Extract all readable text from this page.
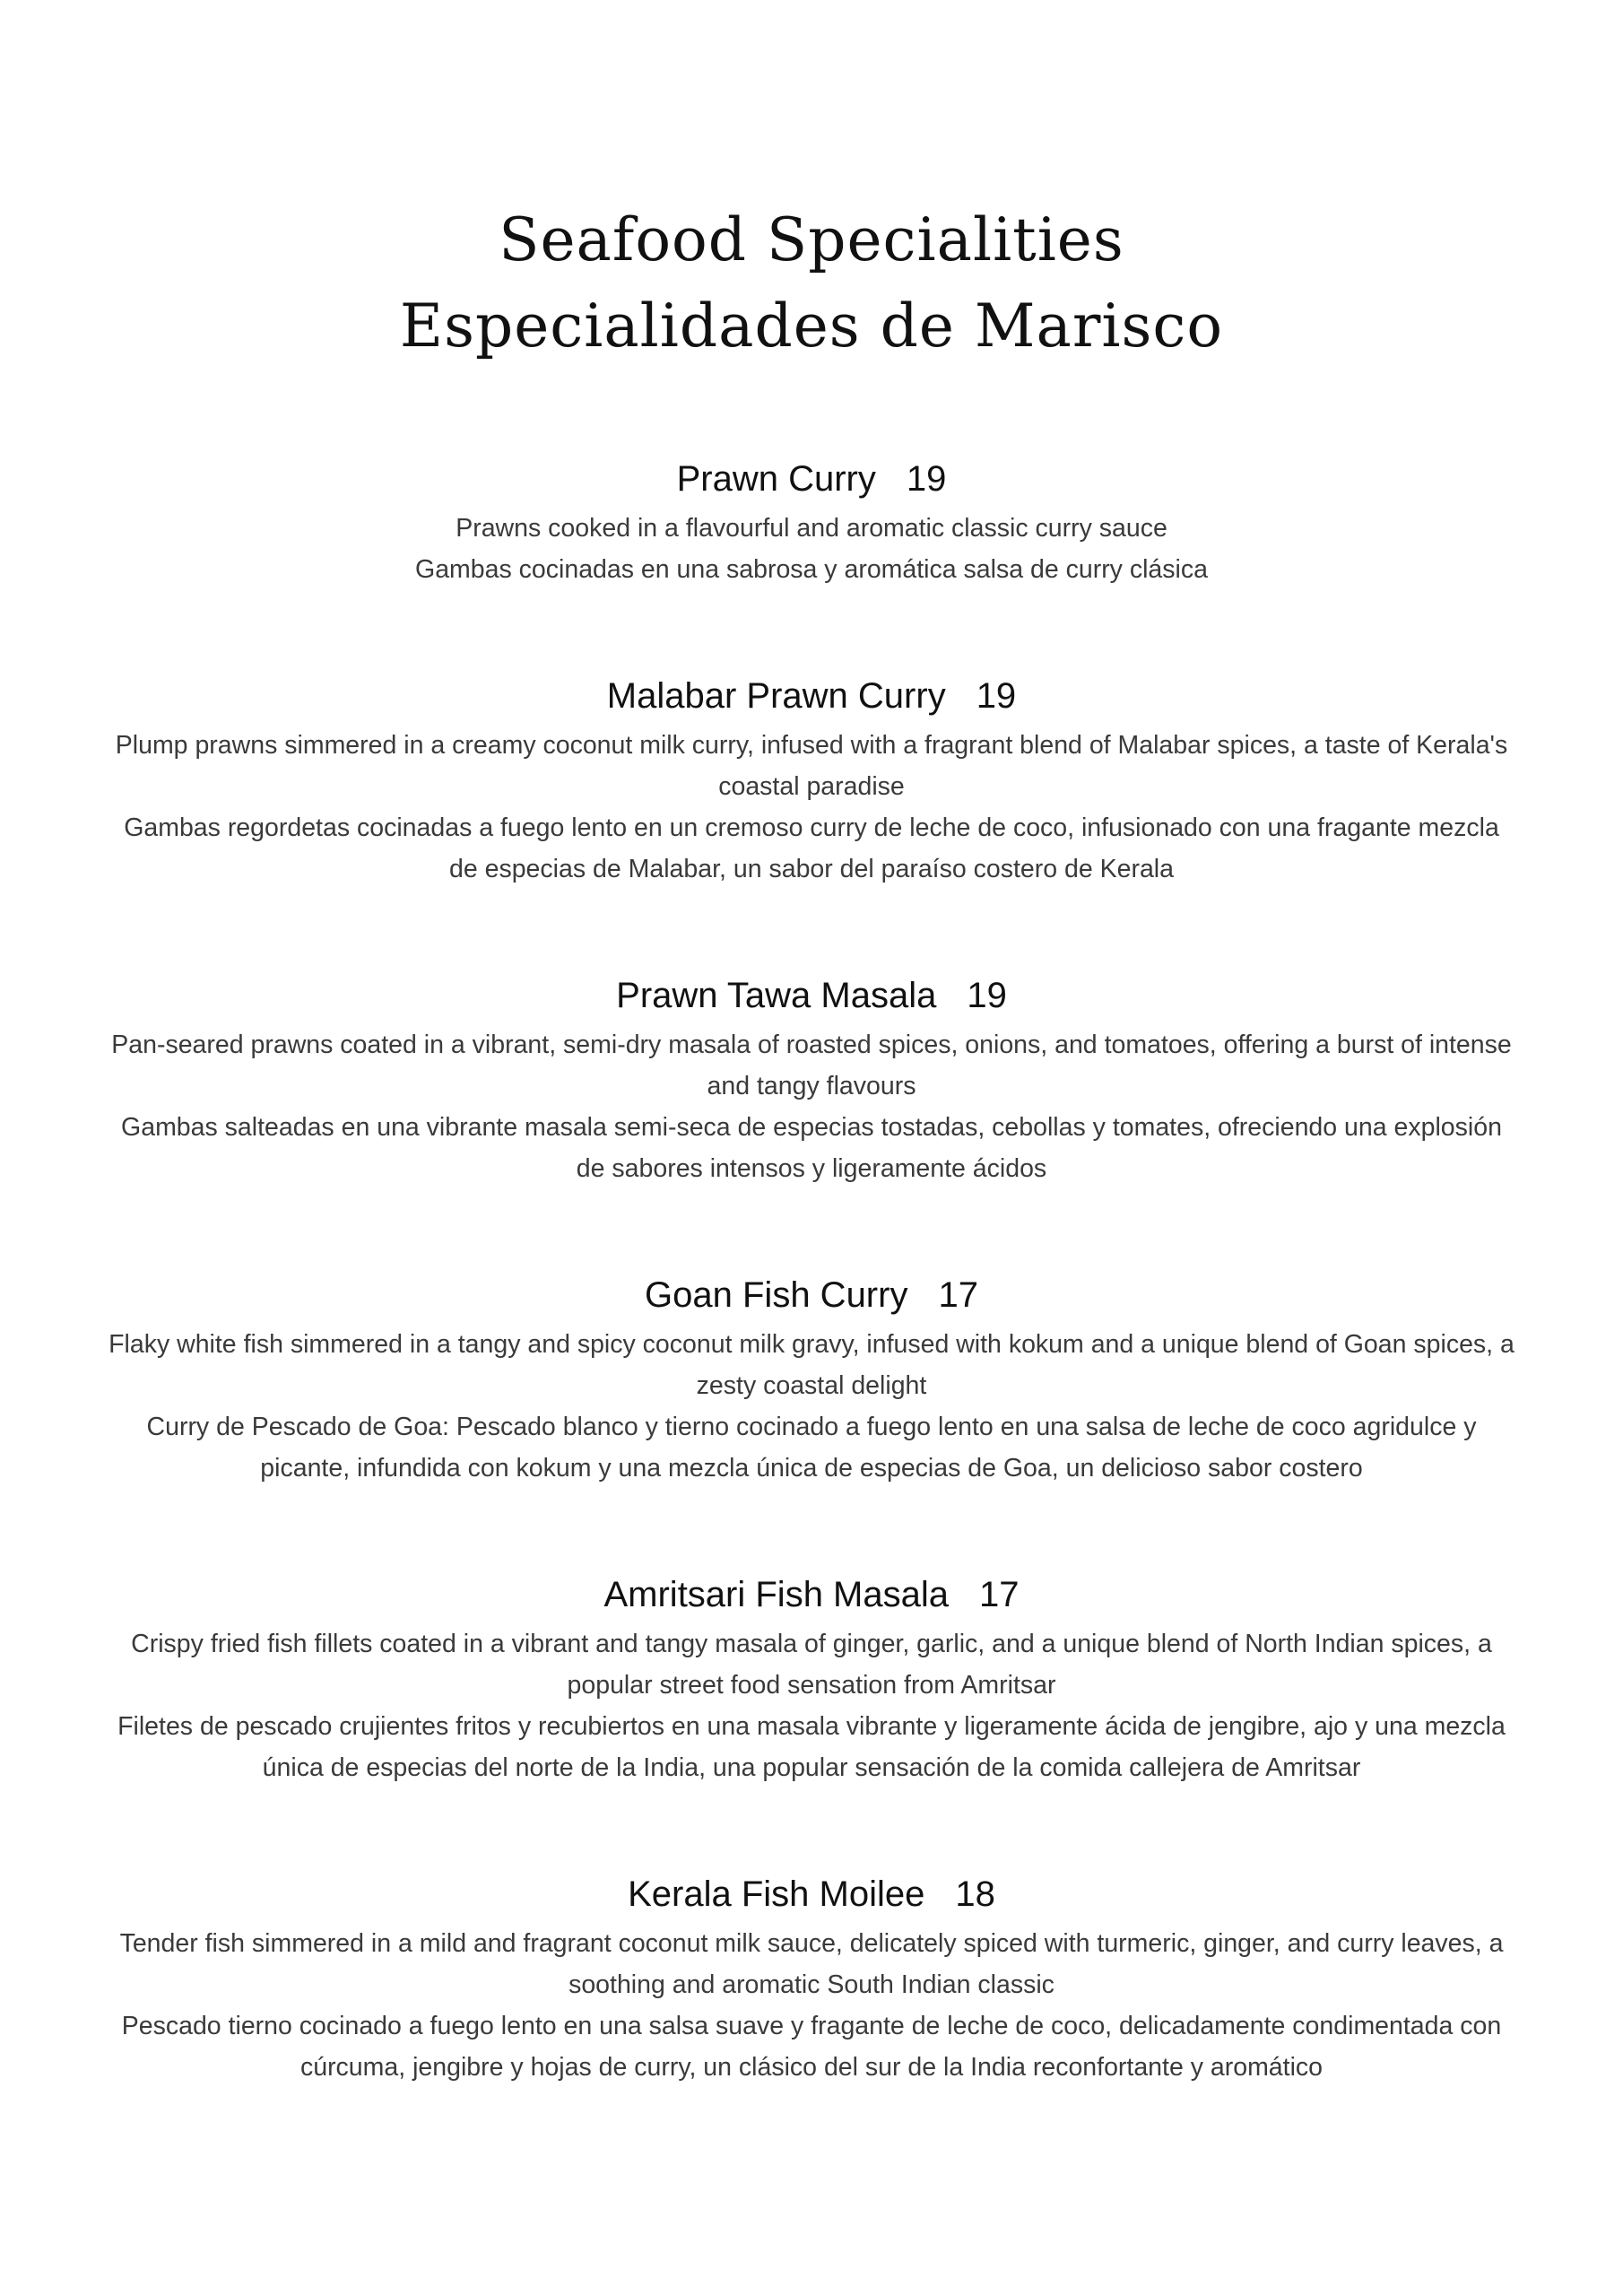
Seafood Specialities
Especialidades de Marisco
Prawn Curry 19

Prawns cooked in a flavourful and aromatic classic curry sauce

Gambas cocinadas en una sabrosa y aromática salsa de curry clásica

Malabar Prawn Curry 19

Plump prawns simmered in a creamy coconut milk curry, infused with a fragrant blend of Malabar spices, a taste of Kerala's coastal paradise

Gambas regordetas cocinadas a fuego lento en un cremoso curry de leche de coco, infusionado con una fragante mezcla de especias de Malabar, un sabor del paraíso costero de Kerala

Prawn Tawa Masala 19

Pan-seared prawns coated in a vibrant, semi-dry masala of roasted spices, onions, and tomatoes, offering a burst of intense and tangy flavours

Gambas salteadas en una vibrante masala semi-seca de especias tostadas, cebollas y tomates, ofreciendo una explosión de sabores intensos y ligeramente ácidos

Goan Fish Curry 17

Flaky white fish simmered in a tangy and spicy coconut milk gravy, infused with kokum and a unique blend of Goan spices, a zesty coastal delight

Curry de Pescado de Goa: Pescado blanco y tierno cocinado a fuego lento en una salsa de leche de coco agridulce y picante, infundida con kokum y una mezcla única de especias de Goa, un delicioso sabor costero

Amritsari Fish Masala 17

Crispy fried fish fillets coated in a vibrant and tangy masala of ginger, garlic, and a unique blend of North Indian spices, a popular street food sensation from Amritsar

Filetes de pescado crujientes fritos y recubiertos en una masala vibrante y ligeramente ácida de jengibre, ajo y una mezcla única de especias del norte de la India, una popular sensación de la comida callejera de Amritsar

Kerala Fish Moilee 18

Tender fish simmered in a mild and fragrant coconut milk sauce, delicately spiced with turmeric, ginger, and curry leaves, a soothing and aromatic South Indian classic

Pescado tierno cocinado a fuego lento en una salsa suave y fragante de leche de coco, delicadamente condimentada con cúrcuma, jengibre y hojas de curry, un clásico del sur de la India reconfortante y aromático
